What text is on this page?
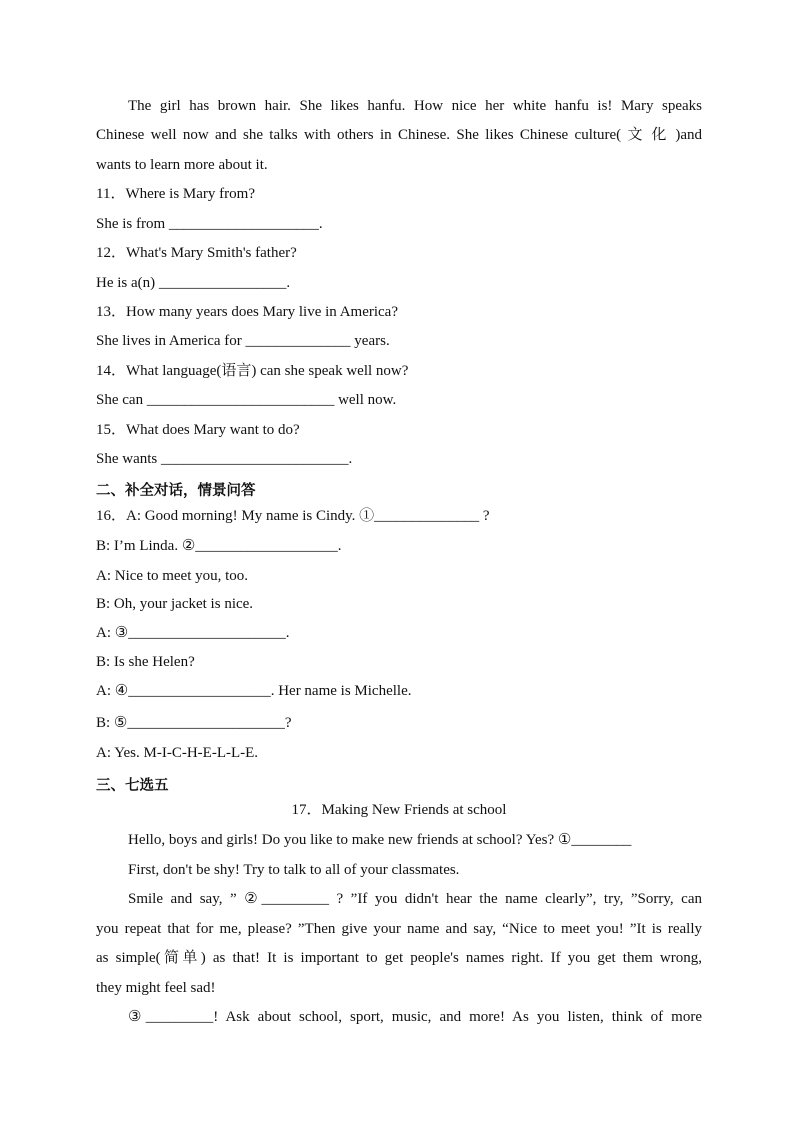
The girl has brown hair. She likes hanfu. How nice her white hanfu is! Mary speaks
Chinese well now and she talks with others in Chinese. She likes Chinese culture( 文 化 )and
wants to learn more about it.
11．Where is Mary from?
She is from ____________________.
12．What's Mary Smith's father?
He is a(n) _________________.
13．How many years does Mary live in America?
She lives in America for ______________ years.
14．What language(语言) can she speak well now?
She can _________________________ well now.
15．What does Mary want to do?
She wants _________________________.
二、补全对话，情景问答
16．A: Good morning! My name is Cindy. ①______________ ?
B: I’m Linda. ②___________________.
A: Nice to meet you, too.
B: Oh, your jacket is nice.
A: ③_____________________.
B: Is she Helen?
A: ④___________________. Her name is Michelle.
B: ⑤_____________________?
A: Yes. M-I-C-H-E-L-L-E.
三、七选五
17．Making New Friends at school
Hello, boys and girls! Do you like to make new friends at school? Yes? ①________
First, don't be shy! Try to talk to all of your classmates.
Smile and say, ” ②_________ ? ”If you didn't hear the name clearly”, try, ”Sorry, can
you repeat that for me, please? ”Then give your name and say, “Nice to meet you! ”It is really
as simple(简单) as that! It is important to get people's names right. If you get them wrong,
they might feel sad!
③_________! Ask about school, sport, music, and more! As you listen, think of more
